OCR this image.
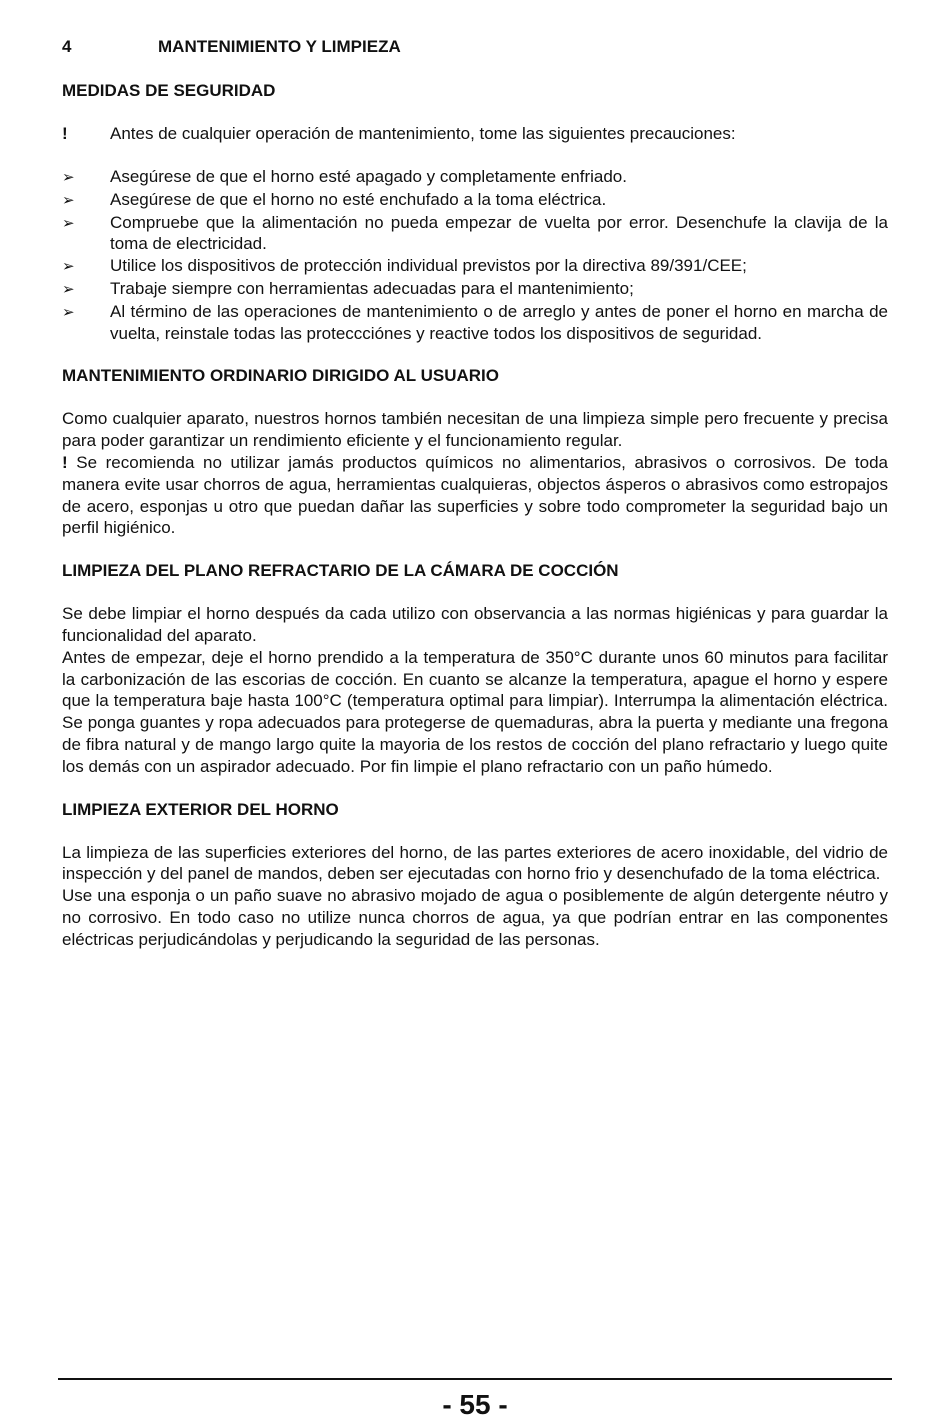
4	MANTENIMIENTO Y LIMPIEZA
MEDIDAS DE SEGURIDAD
!	Antes de cualquier operación de mantenimiento, tome las siguientes precauciones:
➢	Asegúrese de que el horno esté apagado y completamente enfriado.
➢	Asegúrese de que el horno no esté enchufado a la toma eléctrica.
➢	Compruebe que la alimentación no pueda empezar de vuelta por error. Desenchufe la clavija de la toma de electricidad.
➢	Utilice los dispositivos de protección individual previstos por la directiva 89/391/CEE;
➢	Trabaje siempre con herramientas adecuadas para el mantenimiento;
➢	Al término de las operaciones de mantenimiento o de arreglo y antes de poner el horno en marcha de vuelta, reinstale todas las proteccciónes y reactive todos los dispositivos de seguridad.
MANTENIMIENTO ORDINARIO DIRIGIDO AL USUARIO

Como cualquier aparato, nuestros hornos también necesitan de una limpieza simple pero frecuente y precisa para poder garantizar un rendimiento eficiente y el funcionamiento regular.

! Se recomienda no utilizar jamás productos químicos no alimentarios, abrasivos o corrosivos. De toda manera evite usar chorros de agua, herramientas cualquieras, objectos ásperos o abrasivos como estropajos de acero, esponjas u otro que puedan dañar las superficies y sobre todo comprometer la seguridad bajo un perfil higiénico.

LIMPIEZA DEL PLANO REFRACTARIO DE LA CÁMARA DE COCCIÓN

Se debe limpiar el horno después da cada utilizo con observancia a las normas higiénicas y para guardar la funcionalidad del aparato.

Antes de empezar, deje el horno prendido a la temperatura de 350°C durante unos 60 minutos para facilitar la carbonización de las escorias de cocción. En cuanto se alcanze la temperatura, apague el horno y espere que la temperatura baje hasta 100°C (temperatura optimal para limpiar). Interrumpa la alimentación eléctrica. Se ponga guantes y ropa adecuados para protegerse de quemaduras, abra la puerta y mediante una fregona de fibra natural y de mango largo quite la mayoria de los restos de cocción del plano refractario y luego quite los demás con un aspirador adecuado. Por fin limpie el plano refractario con un paño húmedo.

LIMPIEZA EXTERIOR DEL HORNO

La limpieza de las superficies exteriores del horno, de las partes exteriores de acero inoxidable, del vidrio de inspección y del panel de mandos, deben ser ejecutadas con horno frio y desenchufado de la toma eléctrica.

Use una esponja o un paño suave no abrasivo mojado de agua o posiblemente de algún detergente néutro y no corrosivo. En todo caso no utilize nunca chorros de agua, ya que podrían entrar en las componentes eléctricas perjudicándolas y perjudicando la seguridad de las personas.

- 55 -
